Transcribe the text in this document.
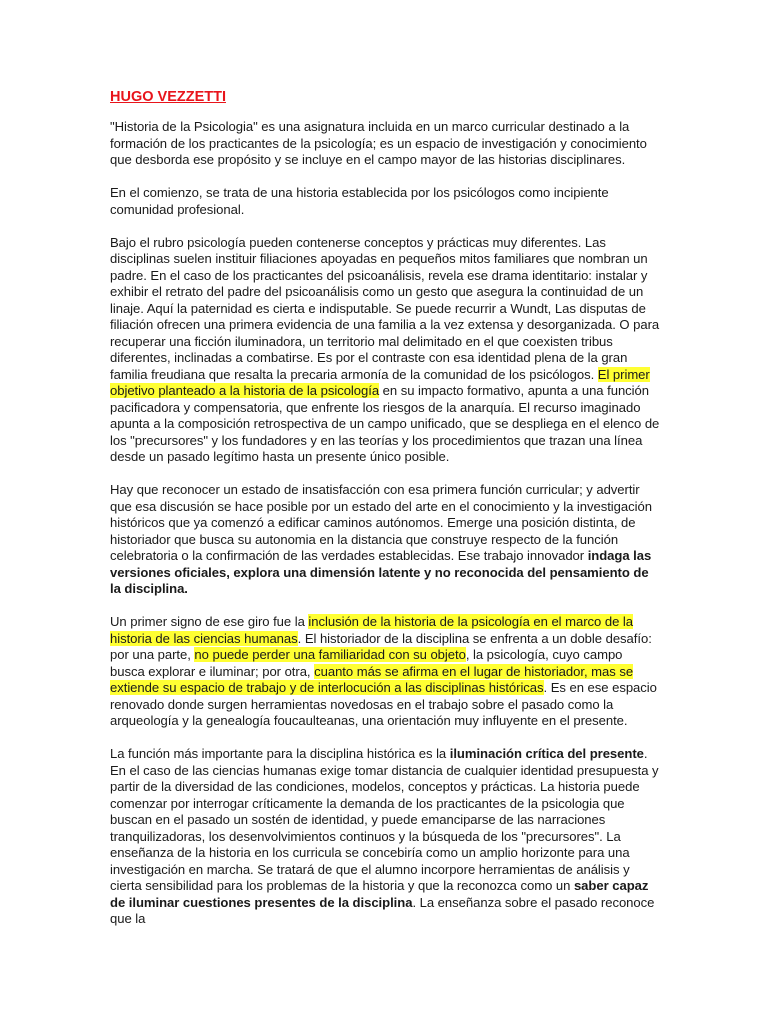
HUGO VEZZETTI

"Historia de la Psicologia" es una asignatura incluida en un marco curricular destinado a la formación de los practicantes de la psicología; es un espacio de investigación y conocimiento que desborda ese propósito y se incluye en el campo mayor de las historias disciplinares.

En el comienzo, se trata de una historia establecida por los psicólogos como incipiente comunidad profesional.

Bajo el rubro psicología pueden contenerse conceptos y prácticas muy diferentes. Las disciplinas suelen instituir filiaciones apoyadas en pequeños mitos familiares que nombran un padre. En el caso de los practicantes del psicoanálisis, revela ese drama identitario: instalar y exhibir el retrato del padre del psicoanálisis como un gesto que asegura la continuidad de un linaje. Aquí la paternidad es cierta e indisputable. Se puede recurrir a Wundt, Las disputas de filiación ofrecen una primera evidencia de una familia a la vez extensa y desorganizada. O para recuperar una ficción iluminadora, un territorio mal delimitado en el que coexisten tribus diferentes, inclinadas a combatirse. Es por el contraste con esa identidad plena de la gran familia freudiana que resalta la precaria armonía de la comunidad de los psicólogos. El primer objetivo planteado a la historia de la psicología en su impacto formativo, apunta a una función pacificadora y compensatoria, que enfrente los riesgos de la anarquía. El recurso imaginado apunta a la composición retrospectiva de un campo unificado, que se despliega en el elenco de los "precursores" y los fundadores y en las teorías y los procedimientos que trazan una línea desde un pasado legítimo hasta un presente único posible.

Hay que reconocer un estado de insatisfacción con esa primera función curricular; y advertir que esa discusión se hace posible por un estado del arte en el conocimiento y la investigación históricos que ya comenzó a edificar caminos autónomos. Emerge una posición distinta, de historiador que busca su autonomia en la distancia que construye respecto de la función celebratoria o la confirmación de las verdades establecidas. Ese trabajo innovador indaga las versiones oficiales, explora una dimensión latente y no reconocida del pensamiento de la disciplina.

Un primer signo de ese giro fue la inclusión de la historia de la psicología en el marco de la historia de las ciencias humanas. El historiador de la disciplina se enfrenta a un doble desafío: por una parte, no puede perder una familiaridad con su objeto, la psicología, cuyo campo busca explorar e iluminar; por otra, cuanto más se afirma en el lugar de historiador, mas se extiende su espacio de trabajo y de interlocución a las disciplinas históricas. Es en ese espacio renovado donde surgen herramientas novedosas en el trabajo sobre el pasado como la arqueología y la genealogía foucaulteanas, una orientación muy influyente en el presente.

La función más importante para la disciplina histórica es la iluminación crítica del presente. En el caso de las ciencias humanas exige tomar distancia de cualquier identidad presupuesta y partir de la diversidad de las condiciones, modelos, conceptos y prácticas. La historia puede comenzar por interrogar críticamente la demanda de los practicantes de la psicologia que buscan en el pasado un sostén de identidad, y puede emanciparse de las narraciones tranquilizadoras, los desenvolvimientos continuos y la búsqueda de los "precursores". La enseñanza de la historia en los curricula se concebiría como un amplio horizonte para una investigación en marcha. Se tratará de que el alumno incorpore herramientas de análisis y cierta sensibilidad para los problemas de la historia y que la reconozca como un saber capaz de iluminar cuestiones presentes de la disciplina. La enseñanza sobre el pasado reconoce que la
